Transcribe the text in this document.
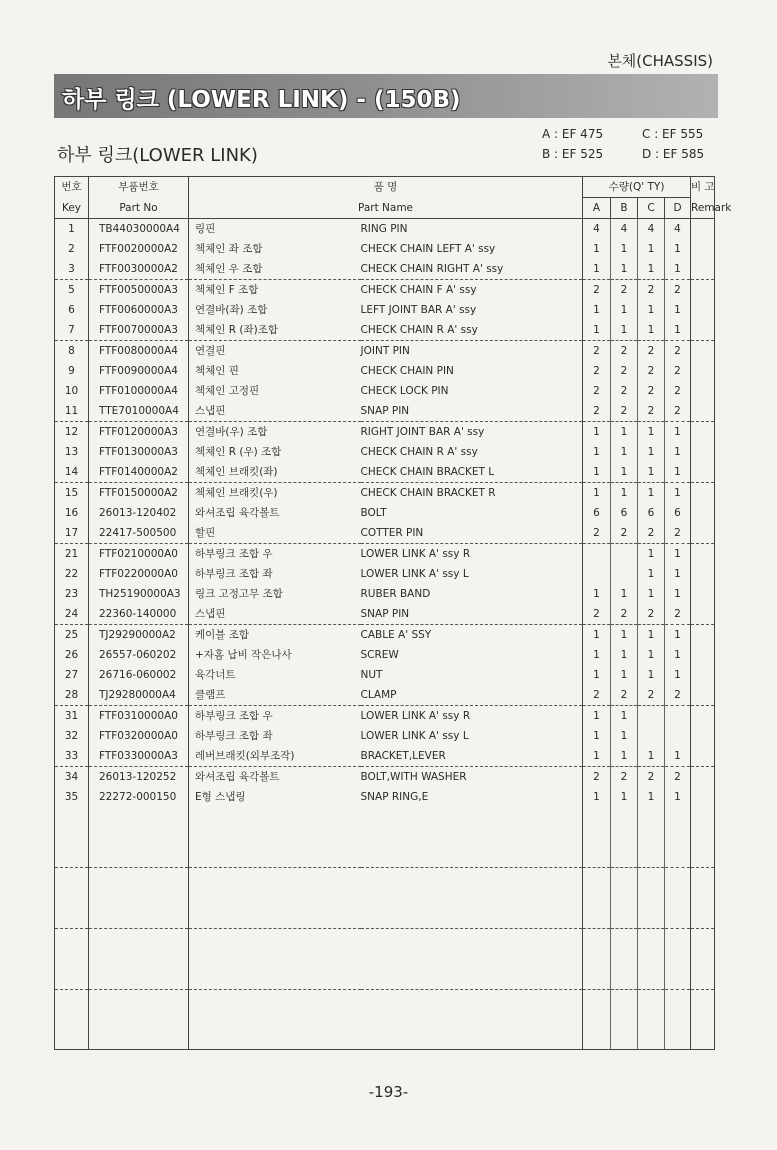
본체(CHASSIS)
하부 링크 (LOWER LINK) - (150B)
하부 링크(LOWER LINK)
A : EF 475	C : EF 555
B : EF 525	D : EF 585
번호	부품번호	품 명		수량(Q' TY)				비 고
Key	Part No	Part Name		A	B	C	D	Remark
1	TB44030000A4	링핀	RING PIN	4	4	4	4	
2	FTF0020000A2	첵체인 좌 조합	CHECK CHAIN LEFT A' ssy	1	1	1	1	
3	FTF0030000A2	첵체인 우 조합	CHECK CHAIN RIGHT A' ssy	1	1	1	1	
5	FTF0050000A3	첵체인 F 조합	CHECK CHAIN F A' ssy	2	2	2	2	
6	FTF0060000A3	연결바(좌) 조합	LEFT JOINT BAR A' ssy	1	1	1	1	
7	FTF0070000A3	첵체인 R (좌)조합	CHECK CHAIN R A' ssy	1	1	1	1	
8	FTF0080000A4	연결핀	JOINT PIN	2	2	2	2	
9	FTF0090000A4	첵체인 핀	CHECK CHAIN PIN	2	2	2	2	
10	FTF0100000A4	첵체인 고정핀	CHECK LOCK PIN	2	2	2	2	
11	TTE7010000A4	스냅핀	SNAP PIN	2	2	2	2	
12	FTF0120000A3	연결바(우) 조합	RIGHT JOINT BAR A' ssy	1	1	1	1	
13	FTF0130000A3	첵체인 R (우) 조합	CHECK CHAIN R A' ssy	1	1	1	1	
14	FTF0140000A2	첵체인 브래킷(좌)	CHECK CHAIN BRACKET L	1	1	1	1	
15	FTF0150000A2	첵체인 브래킷(우)	CHECK CHAIN BRACKET R	1	1	1	1	
16	26013-120402	와셔조립 육각볼트	BOLT	6	6	6	6	
17	22417-500500	할핀	COTTER PIN	2	2	2	2	
21	FTF0210000A0	하부링크 조합 우	LOWER LINK A' ssy R			1	1	
22	FTF0220000A0	하부링크 조합 좌	LOWER LINK A' ssy L			1	1	
23	TH25190000A3	링크 고정고무 조합	RUBER BAND	1	1	1	1	
24	22360-140000	스냅핀	SNAP PIN	2	2	2	2	
25	TJ29290000A2	케이블 조합	CABLE A' SSY	1	1	1	1	
26	26557-060202	+자홈 납비 작은나사	SCREW	1	1	1	1	
27	26716-060002	육각너트	NUT	1	1	1	1	
28	TJ29280000A4	클램프	CLAMP	2	2	2	2	
31	FTF0310000A0	하부링크 조합 우	LOWER LINK A' ssy R	1	1			
32	FTF0320000A0	하부링크 조합 좌	LOWER LINK A' ssy L	1	1			
33	FTF0330000A3	레버브래킷(외부조작)	BRACKET,LEVER	1	1	1	1	
34	26013-120252	와셔조립 육각볼트	BOLT,WITH WASHER	2	2	2	2	
35	22272-000150	E형 스냅링	SNAP RING,E	1	1	1	1	

-193-
